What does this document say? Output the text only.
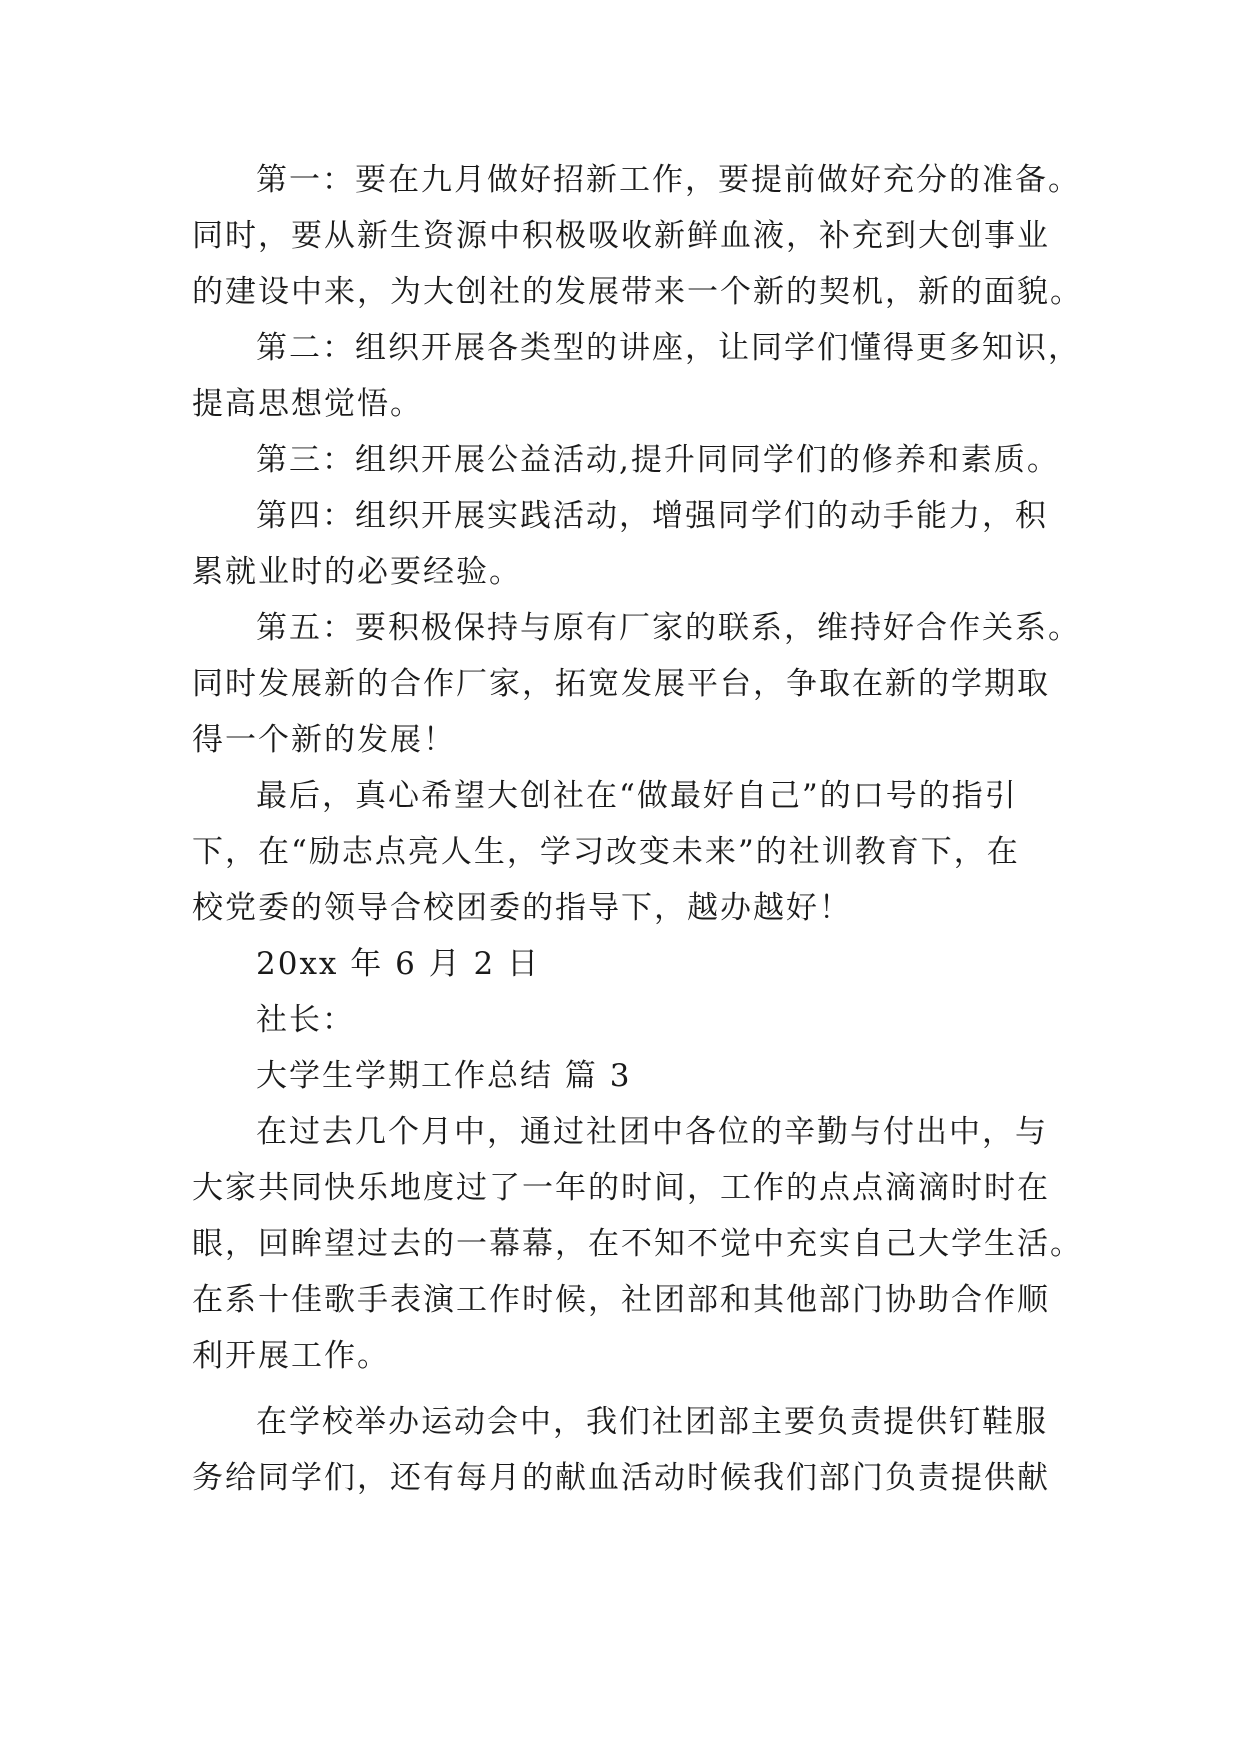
第一：要在九月做好招新工作，要提前做好充分的准备。
同时，要从新生资源中积极吸收新鲜血液，补充到大创事业
的建设中来，为大创社的发展带来一个新的契机，新的面貌。
第二：组织开展各类型的讲座，让同学们懂得更多知识，
提高思想觉悟。
第三：组织开展公益活动,提升同同学们的修养和素质。
第四：组织开展实践活动，增强同学们的动手能力，积
累就业时的必要经验。
第五：要积极保持与原有厂家的联系，维持好合作关系。
同时发展新的合作厂家，拓宽发展平台，争取在新的学期取
得一个新的发展！
最后，真心希望大创社在“做最好自己”的口号的指引
下，在“励志点亮人生，学习改变未来”的社训教育下，在
校党委的领导合校团委的指导下，越办越好！
20xx 年 6 月 2 日
社长：
大学生学期工作总结 篇 3
在过去几个月中，通过社团中各位的辛勤与付出中，与
大家共同快乐地度过了一年的时间，工作的点点滴滴时时在
眼，回眸望过去的一幕幕，在不知不觉中充实自己大学生活。
在系十佳歌手表演工作时候，社团部和其他部门协助合作顺
利开展工作。
在学校举办运动会中，我们社团部主要负责提供钉鞋服
务给同学们，还有每月的献血活动时候我们部门负责提供献
